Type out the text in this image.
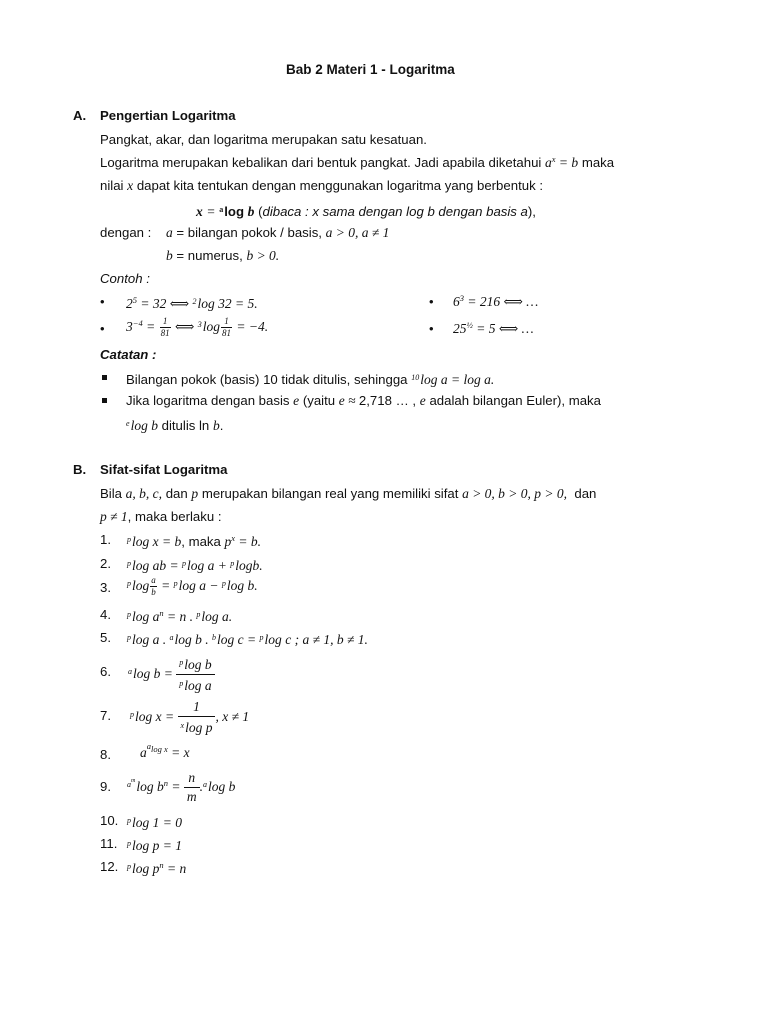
Bab 2 Materi 1 - Logaritma
A. Pengertian Logaritma
Pangkat, akar, dan logaritma merupakan satu kesatuan.
Logaritma merupakan kebalikan dari bentuk pangkat. Jadi apabila diketahui $a^x = b$ maka
nilai x dapat kita tentukan dengan menggunakan logaritma yang berbentuk :
x = $^a$log b (dibaca : x sama dengan log b dengan basis a),
dengan : a = bilangan pokok / basis, a > 0, a ≠ 1
b = numerus, b > 0.
Contoh :
• $2^5 = 32$ ⟺ $^2$log 32 = 5.	• $6^3 = 216$ ⟺ …
• $3^{-4} = \frac{1}{81}$ ⟺ $^3\log \frac{1}{81} = -4$.	• $25^{\frac{1}{2}} = 5$ ⟺ …
Catatan :
Bilangan pokok (basis) 10 tidak ditulis, sehingga $^{10}$log a = log a.
Jika logaritma dengan basis e (yaitu e ≈ 2,718 … , e adalah bilangan Euler), maka
$^e$log b ditulis ln b.
B. Sifat-sifat Logaritma
Bila a, b, c, dan p merupakan bilangan real yang memiliki sifat a > 0, b > 0, p > 0, dan
p ≠ 1, maka berlaku :
1. $^p$log x = b, maka $p^x = b$.
2. $^p$log ab = $^p$log a + $^p$logb.
3. $^p\log \frac{a}{b} = ^p\log$ a − $^p$log b.
4. $^p$log $a^n = n$ . $^p$log a.
5. $^p$log a . $^a$log b . $^b$log c = $^p$log c ; a ≠ 1, b ≠ 1.
6. $^a$log $b = \frac{^p\log b}{^p\log a}$
7. $^p$log $x = \frac{1}{^x\log p}$ , x ≠ 1
8. $a^{^alog x} = x$
9. $^{a^m}$log $b^n = \frac{n}{m} .^a\log$ b
10. $^p$log 1 = 0
11. $^p$log p = 1
12. $^p$log $p^n = n$
